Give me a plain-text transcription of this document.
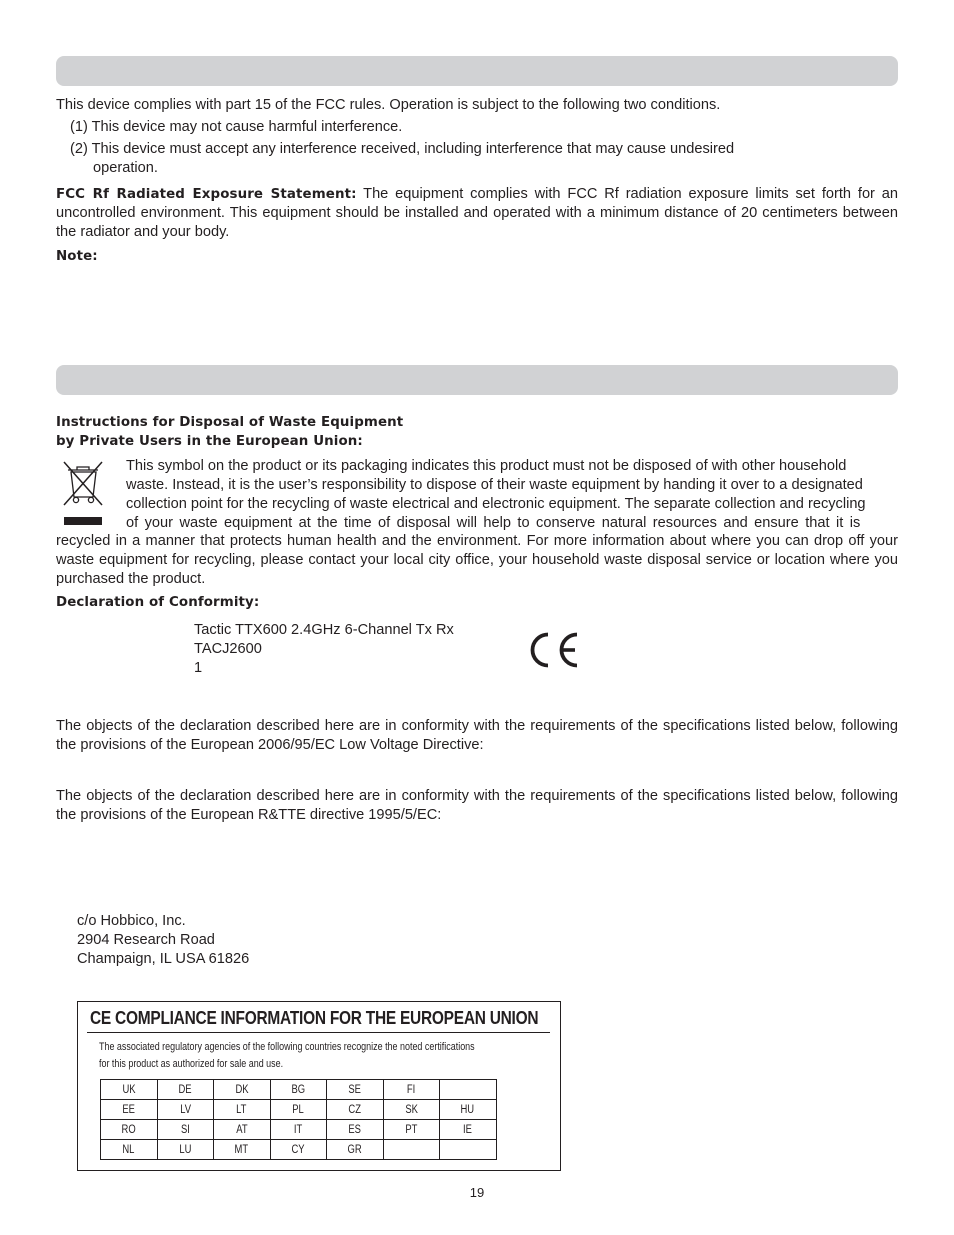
This device complies with part 15 of the FCC rules. Operation is subject to the following two conditions.
(1) This device may not cause harmful interference.
(2) This device must accept any interference received, including interference that may cause undesired
operation.
FCC Rf Radiated Exposure Statement: The equipment complies with FCC Rf radiation exposure limits set forth for an uncontrolled environment. This equipment should be installed and operated with a minimum distance of 20 centimeters between the radiator and your body.
Note:
Instructions for Disposal of Waste Equipment
by Private Users in the European Union:
This symbol on the product or its packaging indicates this product must not be disposed of with other household
waste. Instead, it is the user’s responsibility to dispose of their waste equipment by handing it over to a designated
collection point for the recycling of waste electrical and electronic equipment. The separate collection and recycling
of your waste equipment at the time of disposal will help to conserve natural resources and ensure that it is
recycled in a manner that protects human health and the environment. For more information about where you can drop off your waste equipment for recycling, please contact your local city office, your household waste disposal service or location where you purchased the product.
Declaration of Conformity:
Tactic TTX600 2.4GHz 6-Channel Tx Rx
TACJ2600
1
The objects of the declaration described here are in conformity with the requirements of the specifications listed below, following the provisions of the European 2006/95/EC Low Voltage Directive:
The objects of the declaration described here are in conformity with the requirements of the specifications listed below, following the provisions of the European R&TTE directive 1995/5/EC:
c/o Hobbico, Inc.
2904 Research Road
Champaign, IL USA 61826
CE COMPLIANCE INFORMATION FOR THE EUROPEAN UNION
The associated regulatory agencies of the following countries recognize the noted certifications
for this product as authorized for sale and use.
UK	DE	DK	BG	SE	FI	
EE	LV	LT	PL	CZ	SK	HU
RO	SI	AT	IT	ES	PT	IE
NL	LU	MT	CY	GR		
19
